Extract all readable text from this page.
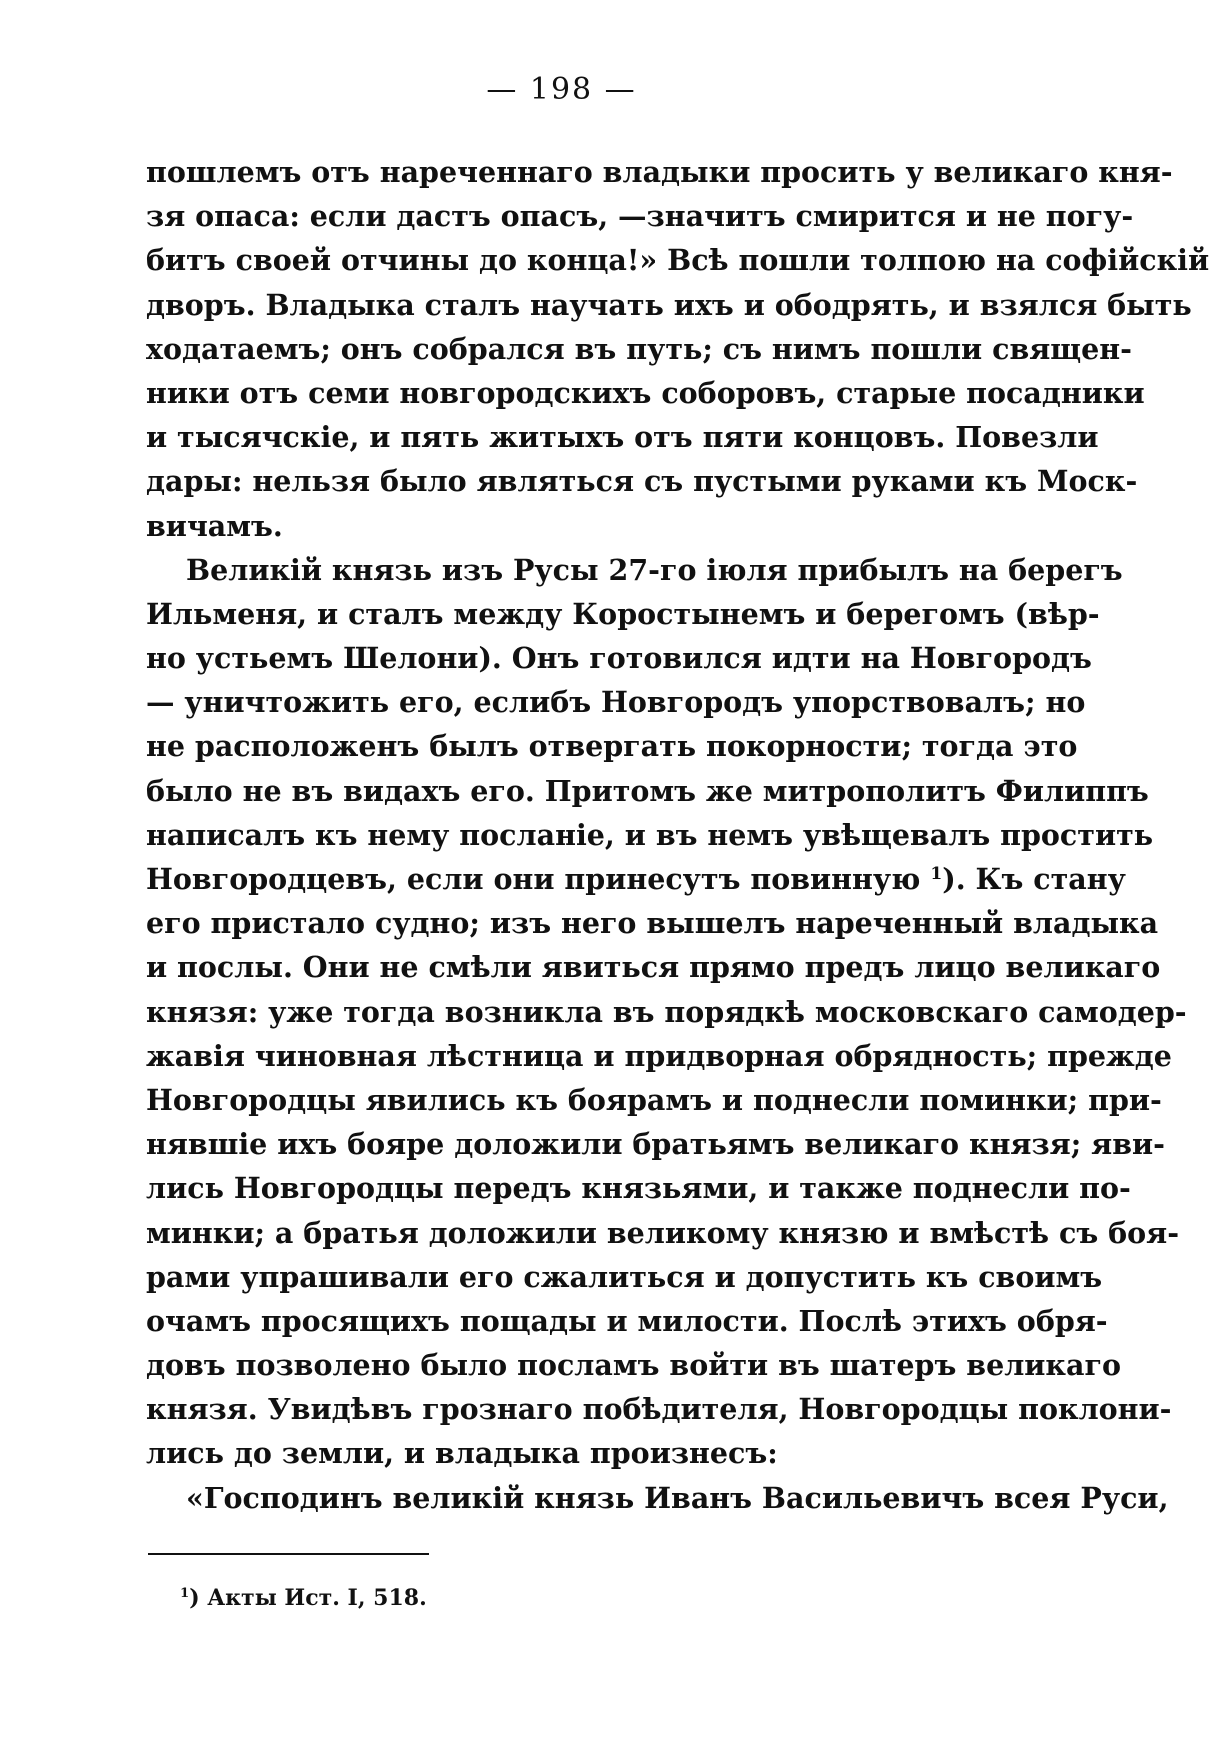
— 198 —
пошлемъ отъ нареченнаго владыки просить у великаго кня-
зя опаса: если дастъ опасъ, —значитъ смирится и не погу-
битъ своей отчины до конца!» Всѣ пошли толпою на софійскій
дворъ. Владыка сталъ научать ихъ и ободрять, и взялся быть
ходатаемъ; онъ собрался въ путь; съ нимъ пошли священ-
ники отъ семи новгородскихъ соборовъ, старые посадники
и тысячскіе, и пять житыхъ отъ пяти концовъ. Повезли
дары: нельзя было являться съ пустыми руками къ Моск-
вичамъ.
Великій князь изъ Русы 27-го іюля прибылъ на берегъ
Ильменя, и сталъ между Коростынемъ и берегомъ (вѣр-
но устьемъ Шелони). Онъ готовился идти на Новгородъ
— уничтожить его, еслибъ Новгородъ упорствовалъ; но
не расположенъ былъ отвергать покорности; тогда это
было не въ видахъ его. Притомъ же митрополитъ Филиппъ
написалъ къ нему посланіе, и въ немъ увѣщевалъ простить
Новгородцевъ, если они принесутъ повинную $^1$). Къ стану
его пристало судно; изъ него вышелъ нареченный владыка
и послы. Они не смѣли явиться прямо предъ лицо великаго
князя: уже тогда возникла въ порядкѣ московскаго самодер-
жавія чиновная лѣстница и придворная обрядность; прежде
Новгородцы явились къ боярамъ и поднесли поминки; при-
нявшіе ихъ бояре доложили братьямъ великаго князя; яви-
лись Новгородцы передъ князьями, и также поднесли по-
минки; а братья доложили великому князю и вмѣстѣ съ боя-
рами упрашивали его сжалиться и допустить къ своимъ
очамъ просящихъ пощады и милости. Послѣ этихъ обря-
довъ позволено было посламъ войти въ шатеръ великаго
князя. Увидѣвъ грознаго побѣдителя, Новгородцы поклони-
лись до земли, и владыка произнесъ:
«Господинъ великій князь Иванъ Васильевичъ всея Руси,
$^1$) Акты Ист. I, 518.
